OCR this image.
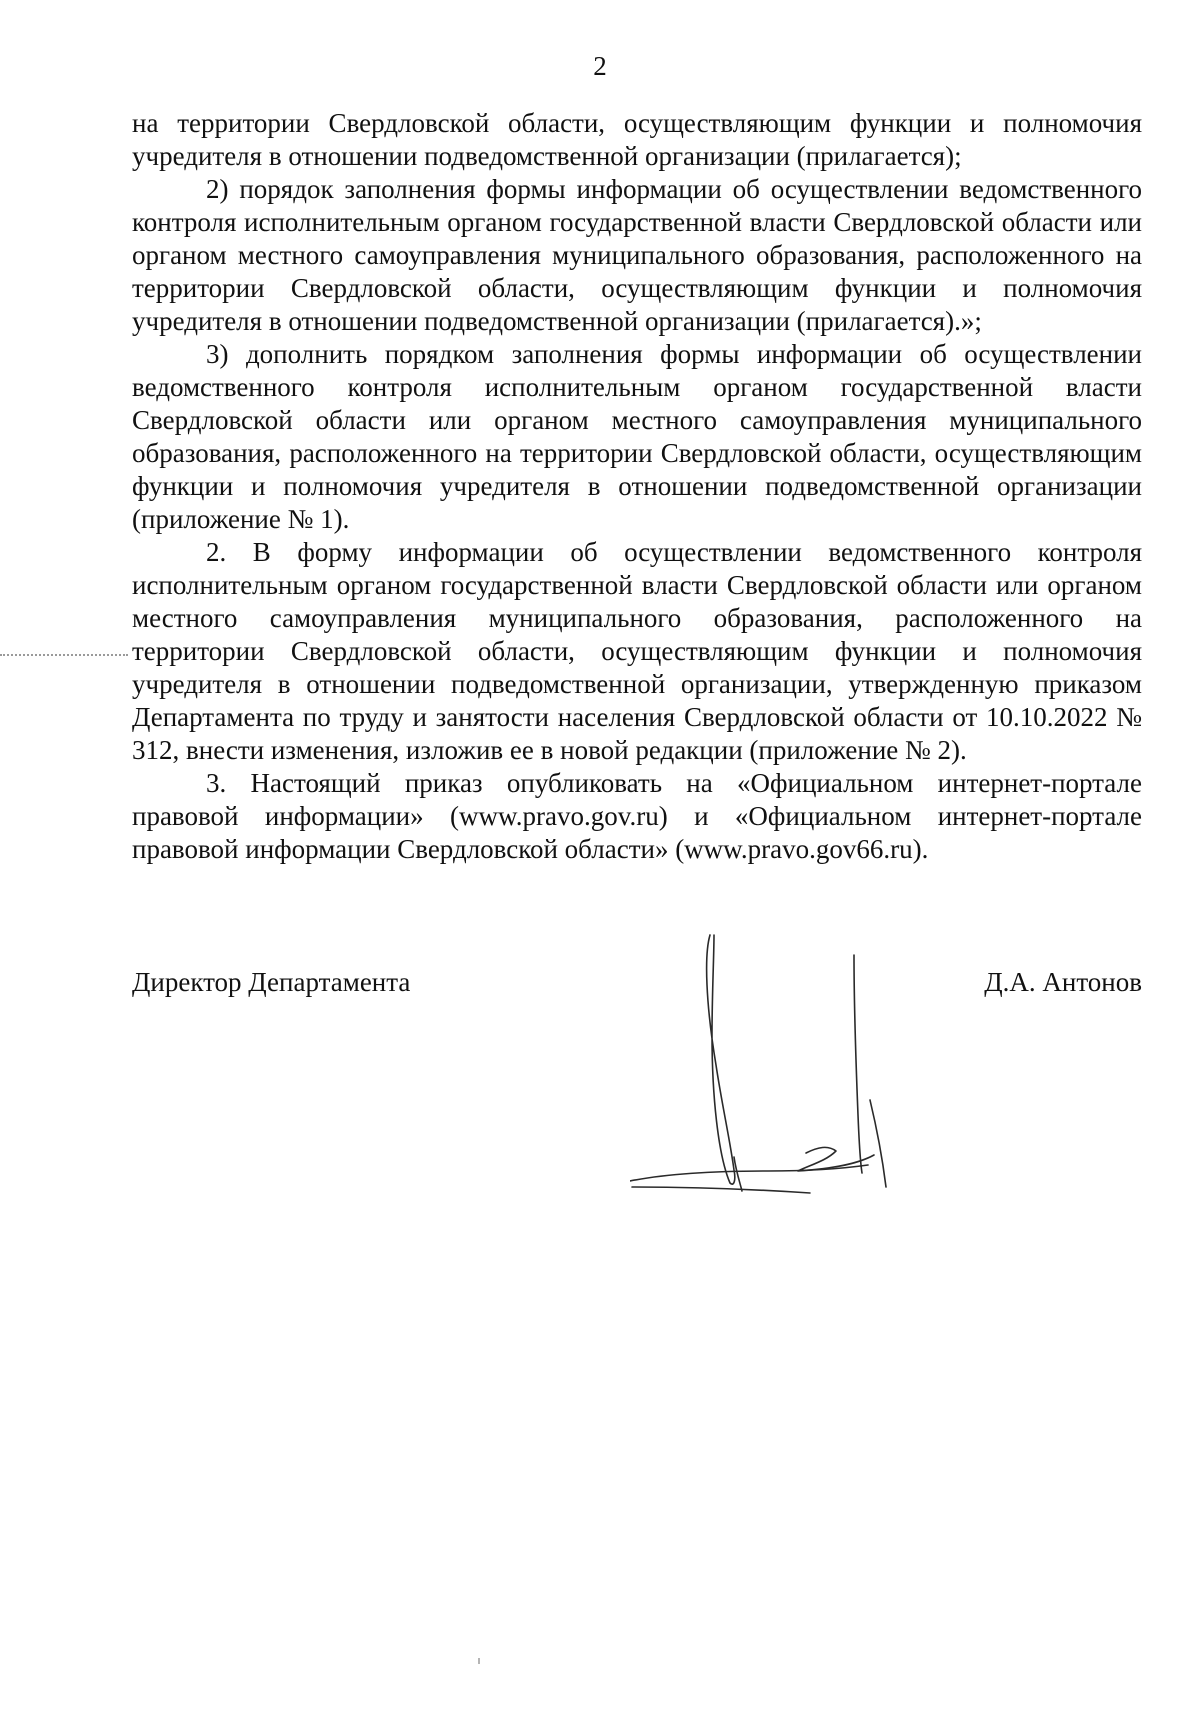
2

на территории Свердловской области, осуществляющим функции и полномочия учредителя в отношении подведомственной организации (прилагается);

2) порядок заполнения формы информации об осуществлении ведомственного контроля исполнительным органом государственной власти Свердловской области или органом местного самоуправления муниципального образования, расположенного на территории Свердловской области, осуществляющим функции и полномочия учредителя в отношении подведомственной организации (прилагается).»;

3) дополнить порядком заполнения формы информации об осуществлении ведомственного контроля исполнительным органом государственной власти Свердловской области или органом местного самоуправления муниципального образования, расположенного на территории Свердловской области, осуществляющим функции и полномочия учредителя в отношении подведомственной организации (приложение № 1).

2. В форму информации об осуществлении ведомственного контроля исполнительным органом государственной власти Свердловской области или органом местного самоуправления муниципального образования, расположенного на территории Свердловской области, осуществляющим функции и полномочия учредителя в отношении подведомственной организации, утвержденную приказом Департамента по труду и занятости населения Свердловской области от 10.10.2022 № 312, внести изменения, изложив ее в новой редакции (приложение № 2).

3. Настоящий приказ опубликовать на «Официальном интернет-портале правовой информации» (www.pravo.gov.ru) и «Официальном интернет-портале правовой информации Свердловской области» (www.pravo.gov66.ru).

Директор Департамента	Д.А. Антонов
